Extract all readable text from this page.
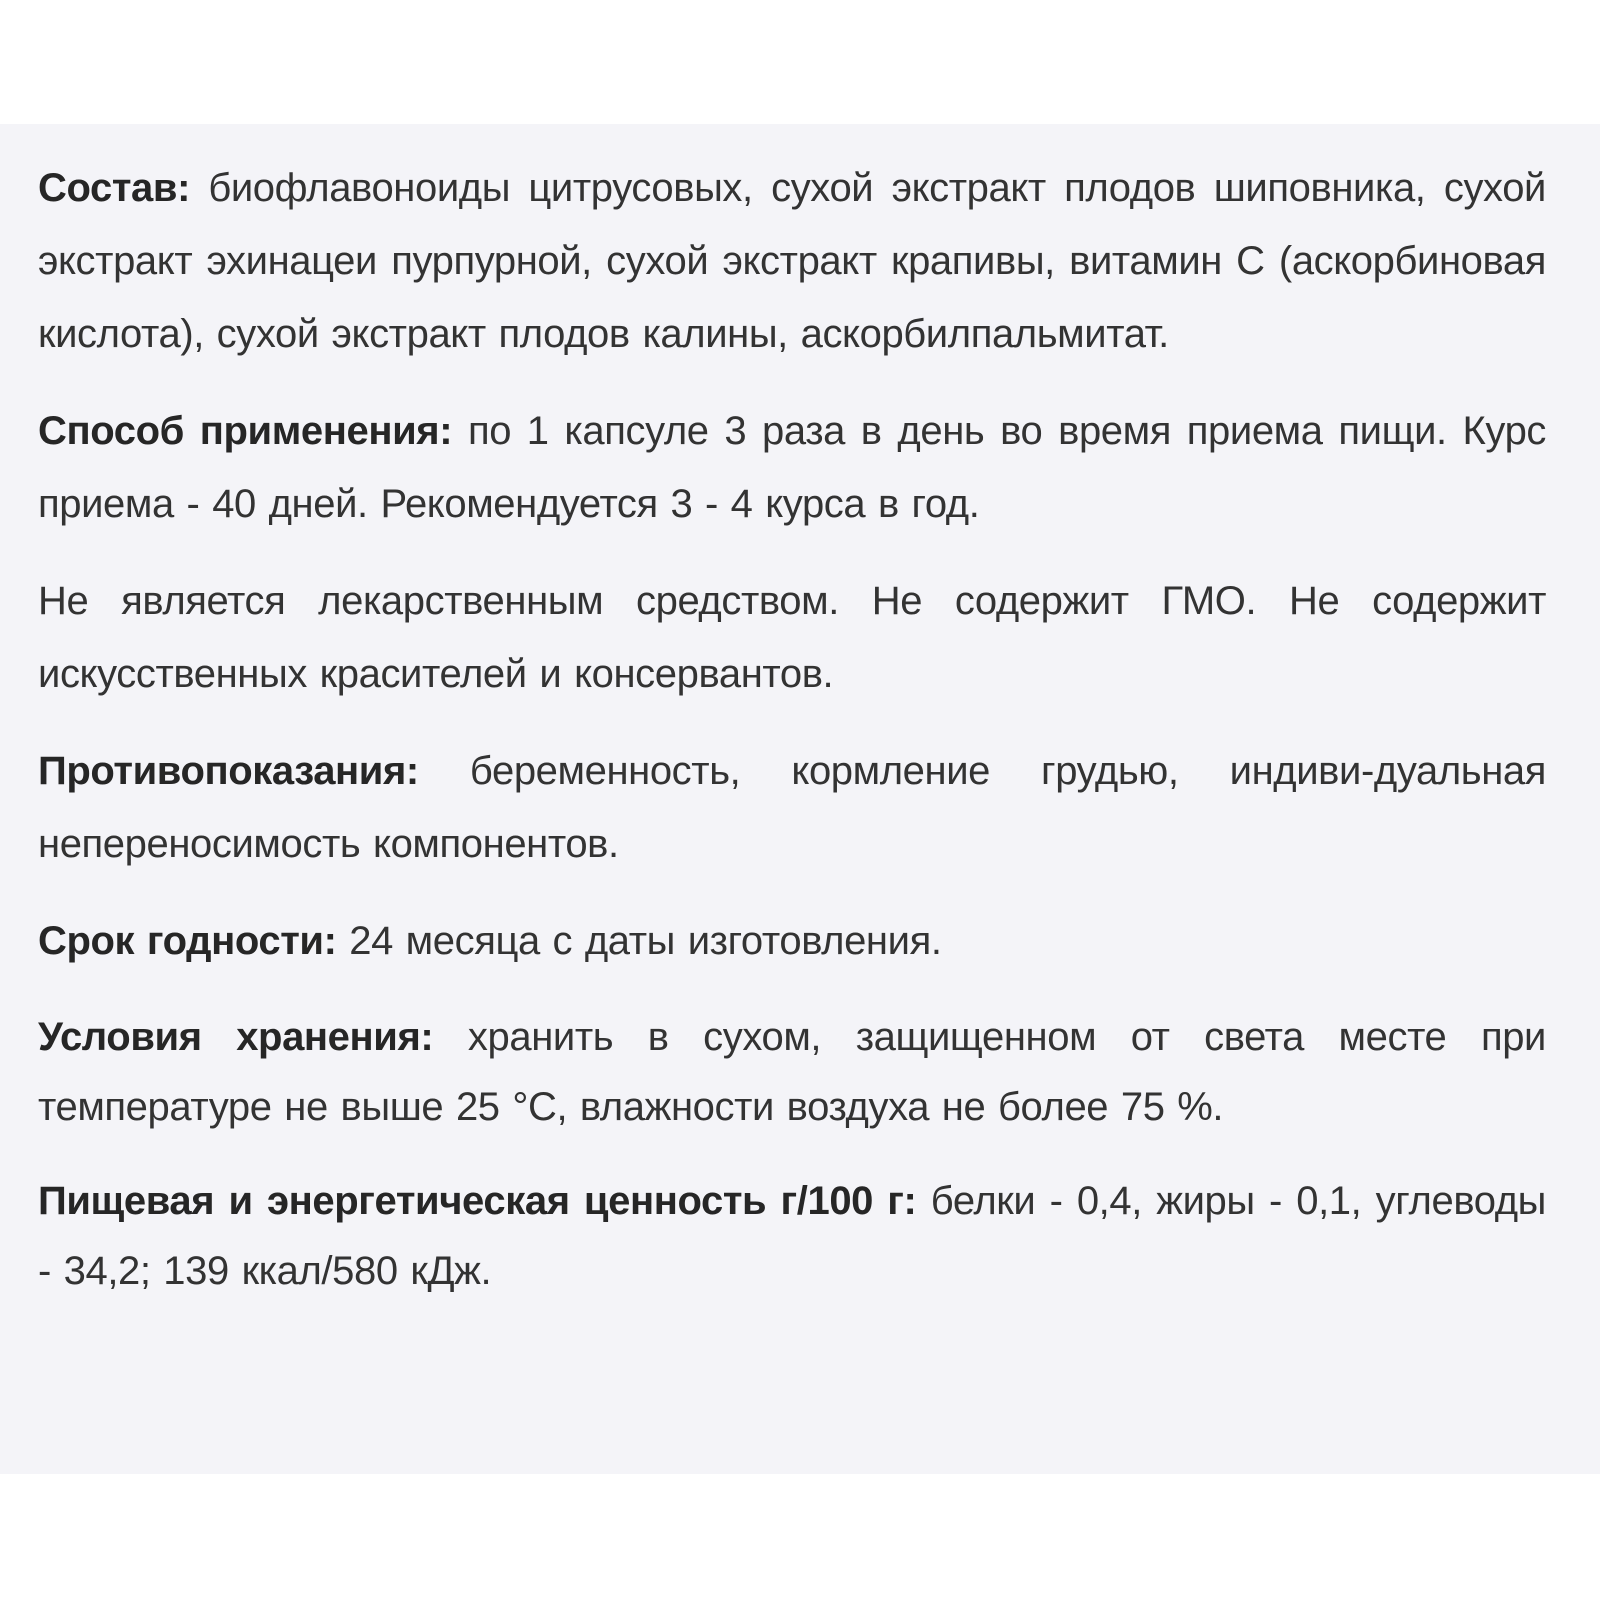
Состав: биофлавоноиды цитрусовых, сухой экстракт плодов шиповника, сухой экстракт эхинацеи пурпурной, сухой экстракт крапивы, витамин С (аскорбиновая кислота), сухой экстракт плодов калины, аскорбилпальмитат.

Способ применения: по 1 капсуле 3 раза в день во время приема пищи. Курс приема - 40 дней. Рекомендуется 3 - 4 курса в год.

Не является лекарственным средством. Не содержит ГМО. Не содержит искусственных красителей и консервантов.

Противопоказания: беременность, кормление грудью, индиви-дуальная непереносимость компонентов.

Срок годности: 24 месяца с даты изготовления.

Условия хранения: хранить в сухом, защищенном от света месте при температуре не выше 25 °С, влажности воздуха не более 75 %.

Пищевая и энергетическая ценность г/100 г: белки - 0,4, жиры - 0,1, углеводы - 34,2; 139 ккал/580 кДж.
